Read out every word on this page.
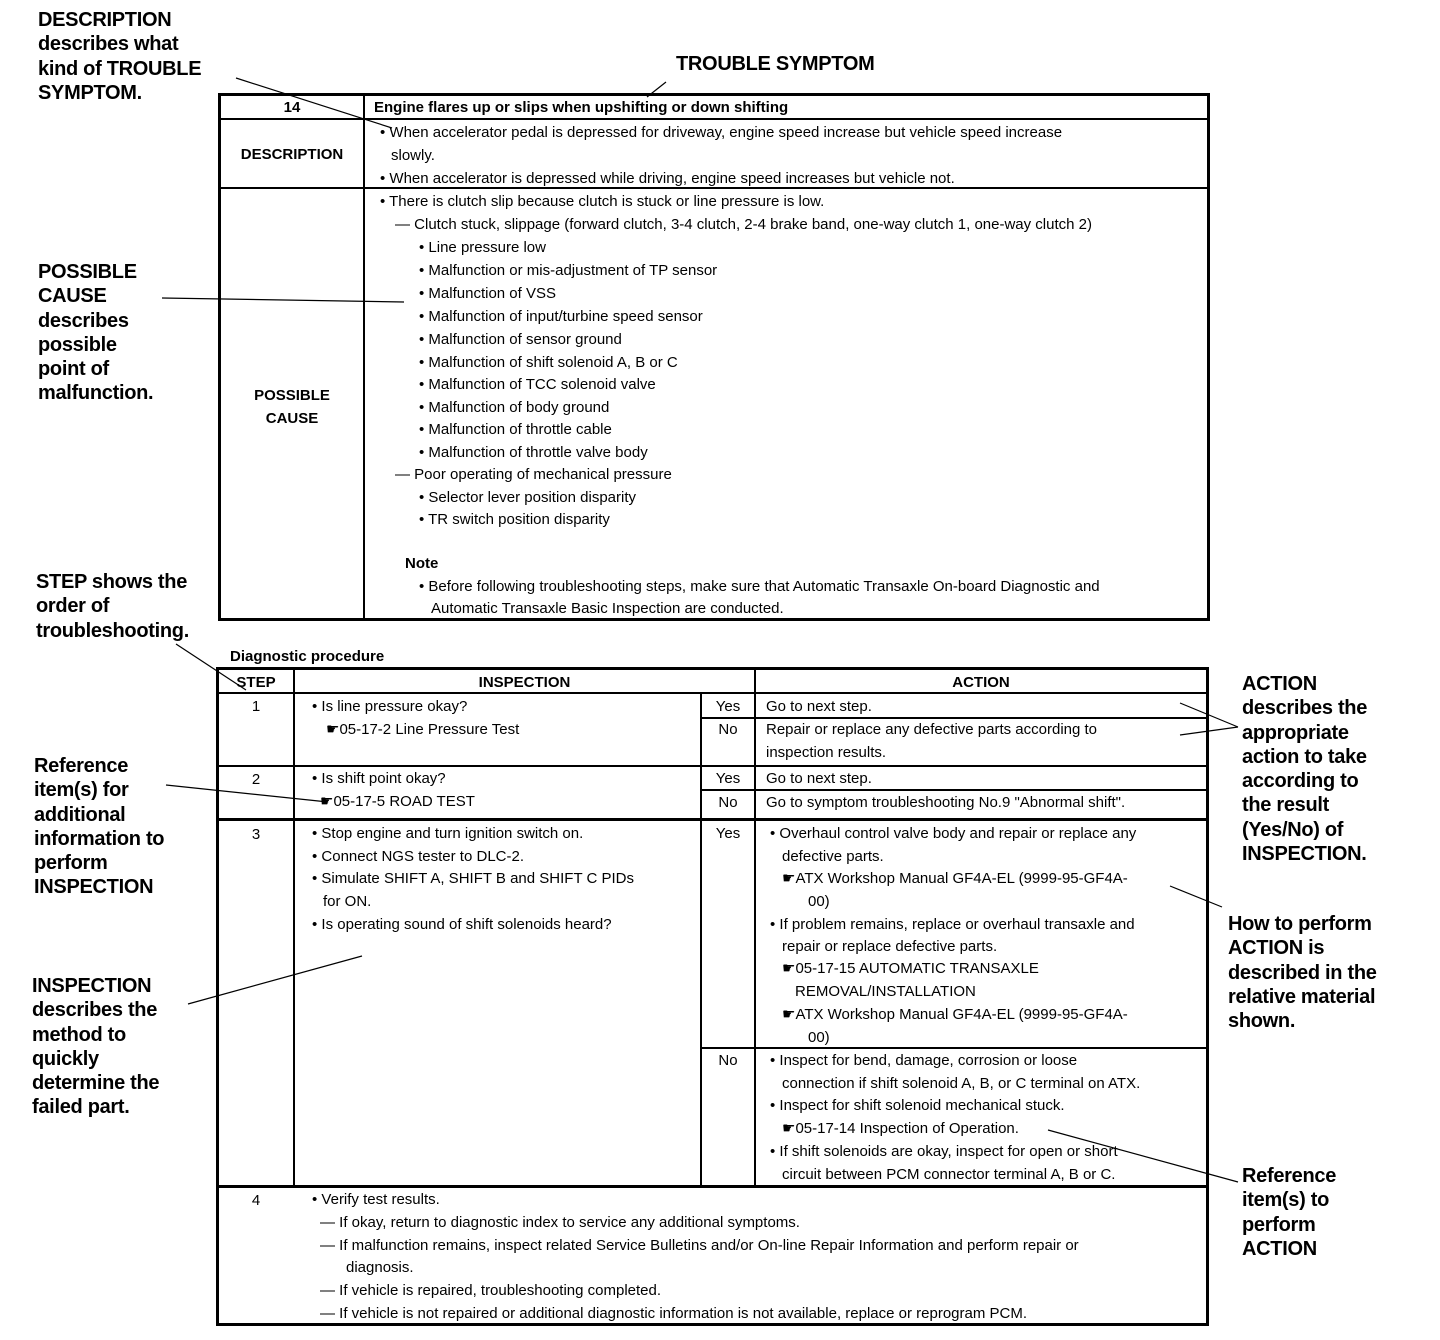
DESCRIPTION
describes what
kind of TROUBLE
SYMPTOM.
TROUBLE SYMPTOM
POSSIBLE
CAUSE
describes
possible
point of
malfunction.
STEP shows the
order of
troubleshooting.
Reference
item(s) for
additional
information to
perform
INSPECTION
INSPECTION
describes the
method to
quickly
determine the
failed part.
ACTION
describes the
appropriate
action to take
according to
the result
(Yes/No) of
INSPECTION.
How to perform
ACTION is
described in the
relative material
shown.
Reference
item(s) to
perform
ACTION
14	Engine flares up or slips when upshifting or down shifting
DESCRIPTION
• When accelerator pedal is depressed for driveway, engine speed increase but vehicle speed increase
slowly.
• When accelerator is depressed while driving, engine speed increases but vehicle not.
POSSIBLE
CAUSE
• There is clutch slip because clutch is stuck or line pressure is low.
— Clutch stuck, slippage (forward clutch, 3-4 clutch, 2-4 brake band, one-way clutch 1, one-way clutch 2)
• Line pressure low
• Malfunction or mis-adjustment of TP sensor
• Malfunction of VSS
• Malfunction of input/turbine speed sensor
• Malfunction of sensor ground
• Malfunction of shift solenoid A, B or C
• Malfunction of TCC solenoid valve
• Malfunction of body ground
• Malfunction of throttle cable
• Malfunction of throttle valve body
— Poor operating of mechanical pressure
• Selector lever position disparity
• TR switch position disparity
Note
• Before following troubleshooting steps, make sure that Automatic Transaxle On-board Diagnostic and
Automatic Transaxle Basic Inspection are conducted.
Diagnostic procedure
STEP	INSPECTION	ACTION
1	• Is line pressure okay?
☛05-17-2 Line Pressure Test
Yes	Go to next step.
No	Repair or replace any defective parts according to
inspection results.
2	• Is shift point okay?
☛05-17-5 ROAD TEST
Yes	Go to next step.
No	Go to symptom troubleshooting No.9 "Abnormal shift".
3	• Stop engine and turn ignition switch on.
• Connect NGS tester to DLC-2.
• Simulate SHIFT A, SHIFT B and SHIFT C PIDs
for ON.
• Is operating sound of shift solenoids heard?
Yes	• Overhaul control valve body and repair or replace any
defective parts.
☛ATX Workshop Manual GF4A-EL (9999-95-GF4A-
00)
• If problem remains, replace or overhaul transaxle and
repair or replace defective parts.
☛05-17-15 AUTOMATIC TRANSAXLE
REMOVAL/INSTALLATION
☛ATX Workshop Manual GF4A-EL (9999-95-GF4A-
00)
No	• Inspect for bend, damage, corrosion or loose
connection if shift solenoid A, B, or C terminal on ATX.
• Inspect for shift solenoid mechanical stuck.
☛05-17-14 Inspection of Operation.
• If shift solenoids are okay, inspect for open or short
circuit between PCM connector terminal A, B or C.
4	• Verify test results.
— If okay, return to diagnostic index to service any additional symptoms.
— If malfunction remains, inspect related Service Bulletins and/or On-line Repair Information and perform repair or
diagnosis.
— If vehicle is repaired, troubleshooting completed.
— If vehicle is not repaired or additional diagnostic information is not available, replace or reprogram PCM.
